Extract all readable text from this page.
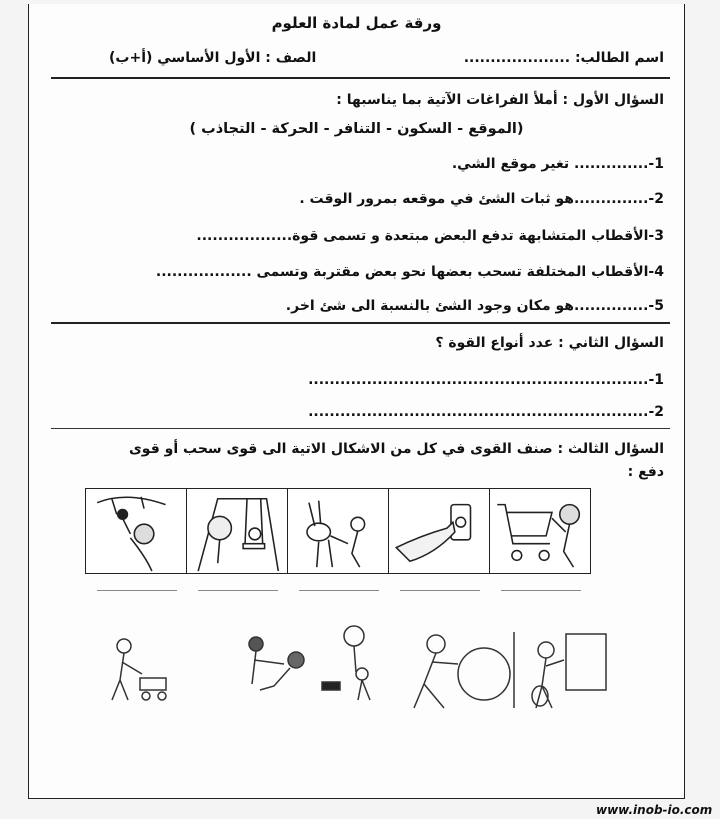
ورقة عمل لمادة العلوم
اسم الطالب: ....................
الصف : الأول الأساسي (أ+ب)
السؤال الأول : أملأ الفراغات الآتية بما يناسبها :
(الموقع - السكون - التنافر - الحركة - التجاذب )
1-.............. تغير موقع الشي.
2-..............هو ثبات الشئ في موقعه بمرور الوقت .
3-الأقطاب المتشابهة تدفع البعض مبتعدة و تسمى قوة..................
4-الأقطاب المختلفة تسحب بعضها نحو بعض مقتربة وتسمى ..................
5-..............هو مكان وجود الشئ بالنسبة الى شئ اخر.
السؤال الثاني : عدد أنواع القوة ؟
1-................................................................
2-................................................................
السؤال الثالث : صنف القوى في كل من الاشكال الاتية الى قوى سحب أو قوى
دفع :
www.inob-io.com
